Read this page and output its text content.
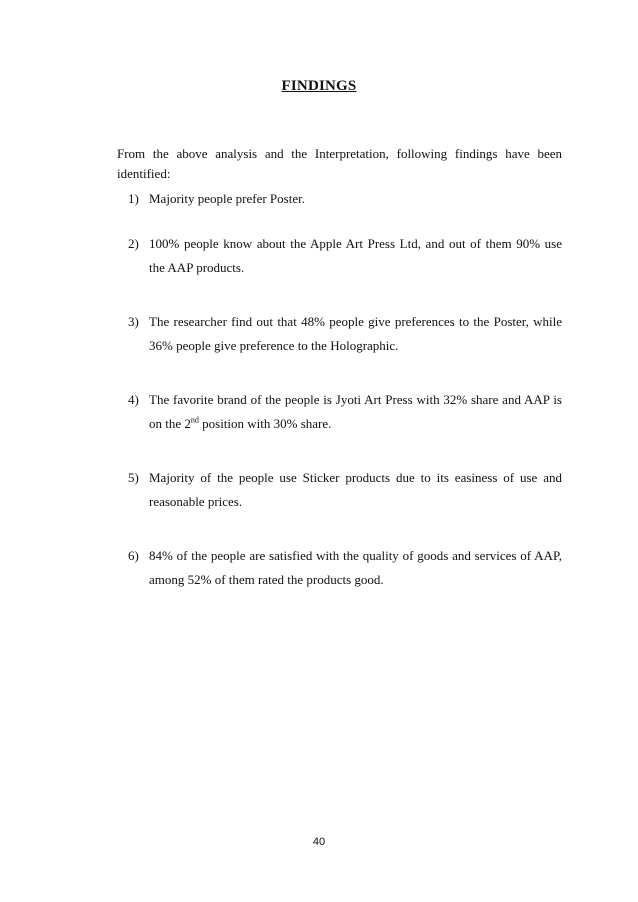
FINDINGS
From the above analysis and the Interpretation, following findings have been identified:
1) Majority people prefer Poster.
2) 100% people know about the Apple Art Press Ltd, and out of them 90% use the AAP products.
3) The researcher find out that 48% people give preferences to the Poster, while 36% people give preference to the Holographic.
4) The favorite brand of the people is Jyoti Art Press with 32% share and AAP is on the 2nd position with 30% share.
5) Majority of the people use Sticker products due to its easiness of use and reasonable prices.
6) 84% of the people are satisfied with the quality of goods and services of AAP, among 52% of them rated the products good.
40
